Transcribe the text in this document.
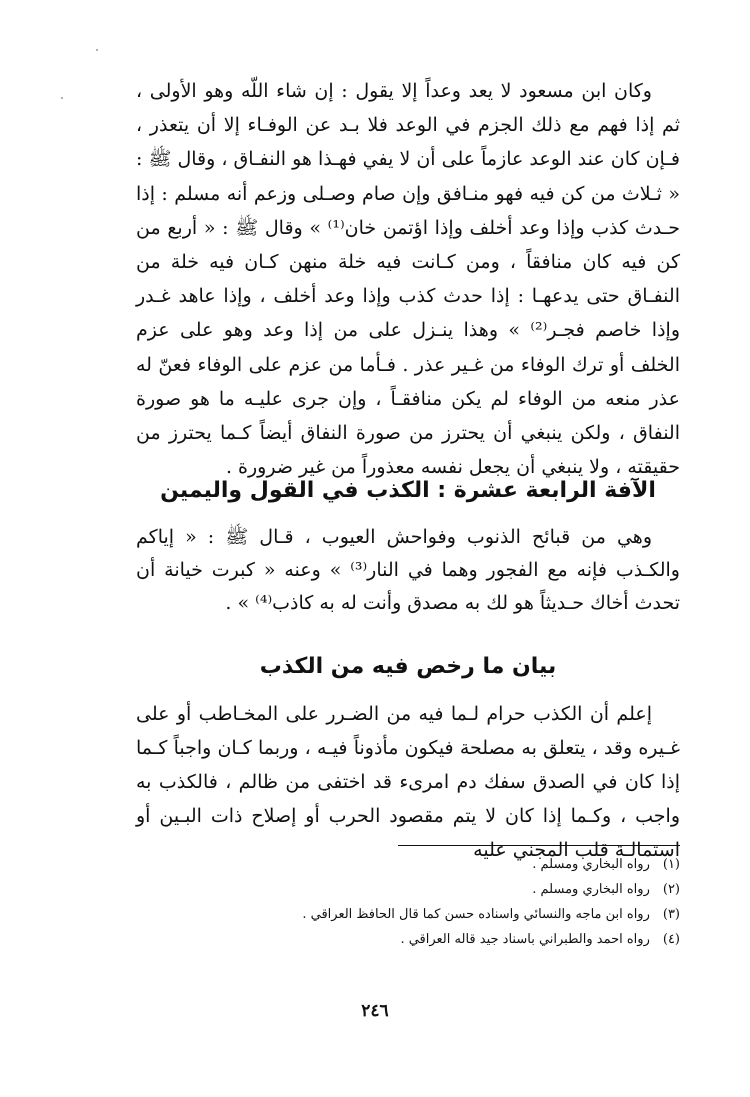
وكان ابن مسعود لا يعد وعداً إلا يقول : إن شاء اللّه وهو الأولى ، ثم إذا فهم مع ذلك الجزم في الوعد فلا بـد عن الوفـاء إلا أن يتعذر ، فـإن كان عند الوعد عازماً على أن لا يفي فهـذا هو النفـاق ، وقال ﷺ : « ثـلاث من كن فيه فهو منـافق وإن صام وصـلى وزعم أنه مسلم : إذا حـدث كذب وإذا وعد أخلف وإذا اؤتمن خان⁽¹⁾ » وقال ﷺ : « أربع من كن فيه كان منافقاً ، ومن كـانت فيه خلة منهن كـان فيه خلة من النفـاق حتى يدعهـا : إذا حدث كذب وإذا وعد أخلف ، وإذا عاهد غـدر وإذا خاصم فجـر⁽²⁾ » وهذا ينـزل على من إذا وعد وهو على عزم الخلف أو ترك الوفاء من غـير عذر . فـأما من عزم على الوفاء فعنّ له عذر منعه من الوفاء لم يكن منافقـاً ، وإن جرى عليـه ما هو صورة النفاق ، ولكن ينبغي أن يحترز من صورة النفاق أيضاً كـما يحترز من حقيقته ، ولا ينبغي أن يجعل نفسه معذوراً من غير ضرورة .

الآفة الرابعة عشرة : الكذب في القول واليمين

وهي من قبائح الذنوب وفواحش العيوب ، قـال ﷺ : « إياكم والكـذب فإنه مع الفجور وهما في النار⁽³⁾ » وعنه « كبرت خيانة أن تحدث أخاك حـديثاً هو لك به مصدق وأنت له به كاذب⁽⁴⁾ » .

بيان ما رخص فيه من الكذب

إعلم أن الكذب حرام لـما فيه من الضـرر على المخـاطب أو على غـيره وقد ، يتعلق به مصلحة فيكون مأذوناً فيـه ، وربما كـان واجباً كـما إذا كان في الصدق سفك دم امرىء قد اختفى من ظالم ، فالكذب به واجب ، وكـما إذا كان لا يتم مقصود الحرب أو إصلاح ذات البـين أو استمالـة قلب المجني عليه

(١) رواه البخاري ومسلم .
(٢) رواه البخاري ومسلم .
(٣) رواه ابن ماجه والنسائي واسناده حسن كما قال الحافظ العراقي .
(٤) رواه احمد والطبراني باسناد جيد قاله العراقي .
٢٤٦
